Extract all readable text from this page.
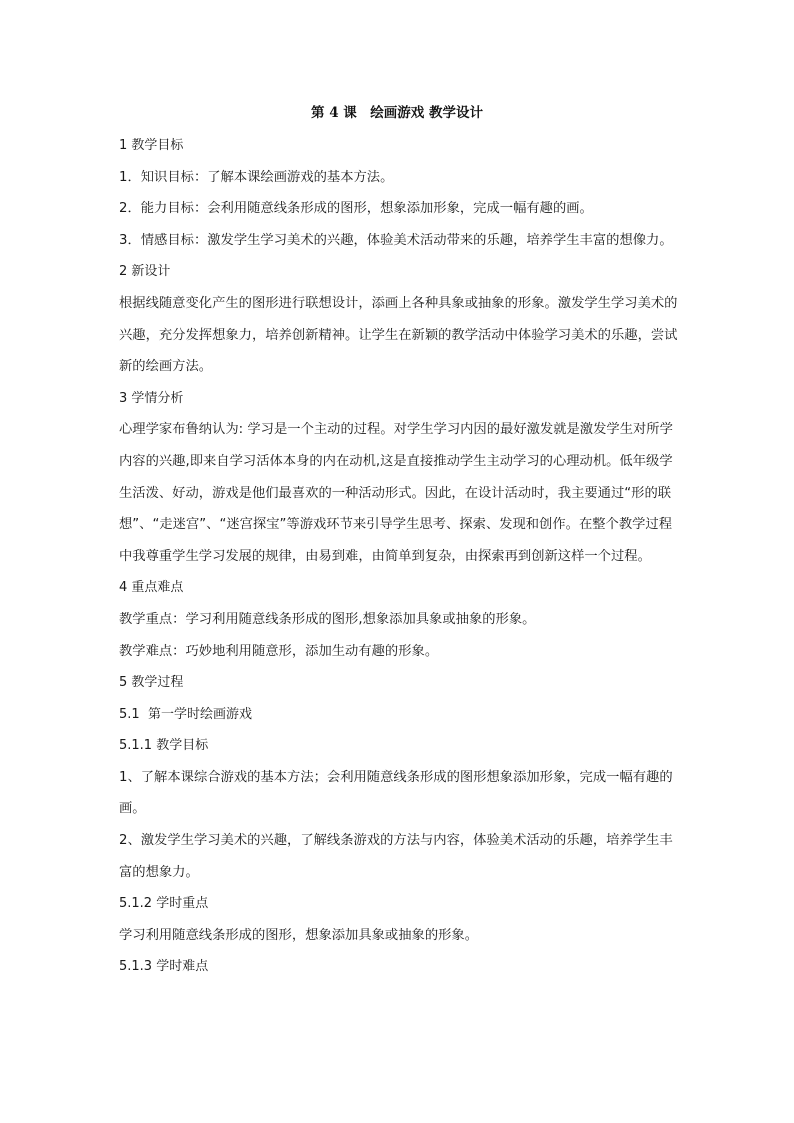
第 4 课　绘画游戏 教学设计

1 教学目标

1．知识目标：了解本课绘画游戏的基本方法。

2．能力目标：会利用随意线条形成的图形，想象添加形象，完成一幅有趣的画。

3．情感目标：激发学生学习美术的兴趣，体验美术活动带来的乐趣，培养学生丰富的想像力。

2 新设计

根据线随意变化产生的图形进行联想设计，添画上各种具象或抽象的形象。激发学生学习美术的兴趣，充分发挥想象力，培养创新精神。让学生在新颖的教学活动中体验学习美术的乐趣，尝试新的绘画方法。

3 学情分析

心理学家布鲁纳认为: 学习是一个主动的过程。对学生学习内因的最好激发就是激发学生对所学内容的兴趣,即来自学习活体本身的内在动机,这是直接推动学生主动学习的心理动机。低年级学生活泼、好动，游戏是他们最喜欢的一种活动形式。因此，在设计活动时，我主要通过“形的联想”、“走迷宫”、“迷宫探宝”等游戏环节来引导学生思考、探索、发现和创作。在整个教学过程中我尊重学生学习发展的规律，由易到难，由简单到复杂，由探索再到创新这样一个过程。

4 重点难点

教学重点：学习利用随意线条形成的图形,想象添加具象或抽象的形象。

教学难点：巧妙地利用随意形，添加生动有趣的形象。

5 教学过程

5.1  第一学时绘画游戏

5.1.1 教学目标

1、了解本课综合游戏的基本方法；会利用随意线条形成的图形想象添加形象，完成一幅有趣的画。

2、激发学生学习美术的兴趣，了解线条游戏的方法与内容，体验美术活动的乐趣，培养学生丰富的想象力。

5.1.2 学时重点

学习利用随意线条形成的图形，想象添加具象或抽象的形象。

5.1.3 学时难点
